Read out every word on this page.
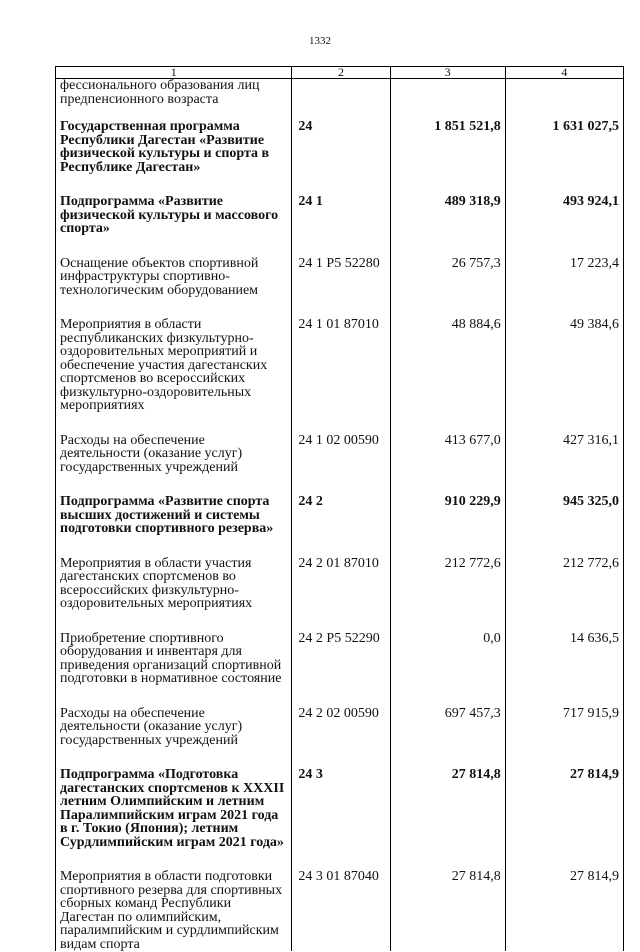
1332
1	2	3	4
фессионального образования лиц предпенсионного возраста			
Государственная программа Республики Дагестан «Развитие физической культуры и спорта в Республике Дагестан»	24	1 851 521,8	1 631 027,5
Подпрограмма «Развитие физической культуры и массового спорта»	24 1	489 318,9	493 924,1
Оснащение объектов спортивной инфраструктуры спортивно- технологическим оборудованием	24 1 P5 52280	26 757,3	17 223,4
Мероприятия в области республиканских физкультурно-оздоровительных мероприятий и обеспечение участия дагестанских спортсменов во всероссийских физкультурно-оздоровительных мероприятиях	24 1 01 87010	48 884,6	49 384,6
Расходы на обеспечение деятельности (оказание услуг) государственных учреждений	24 1 02 00590	413 677,0	427 316,1
Подпрограмма «Развитие спорта высших достижений и системы подготовки спортивного резерва»	24 2	910 229,9	945 325,0
Мероприятия в области участия дагестанских спортсменов во всероссийских физкультурно-оздоровительных мероприятиях	24 2 01 87010	212 772,6	212 772,6
Приобретение спортивного оборудования и инвентаря для приведения организаций спортивной подготовки в нормативное состояние	24 2 P5 52290	0,0	14 636,5
Расходы на обеспечение деятельности (оказание услуг) государственных учреждений	24 2 02 00590	697 457,3	717 915,9
Подпрограмма «Подготовка дагестанских спортсменов к XXXII летним Олимпийским и летним Паралимпийским играм 2021 года в г. Токио (Япония); летним Сурдлимпийским играм 2021 года»	24 3	27 814,8	27 814,9
Мероприятия в области подготовки спортивного резерва для спортивных сборных команд Республики Дагестан по олимпийским, паралимпийским и сурдлимпийским видам спорта	24 3 01 87040	27 814,8	27 814,9
